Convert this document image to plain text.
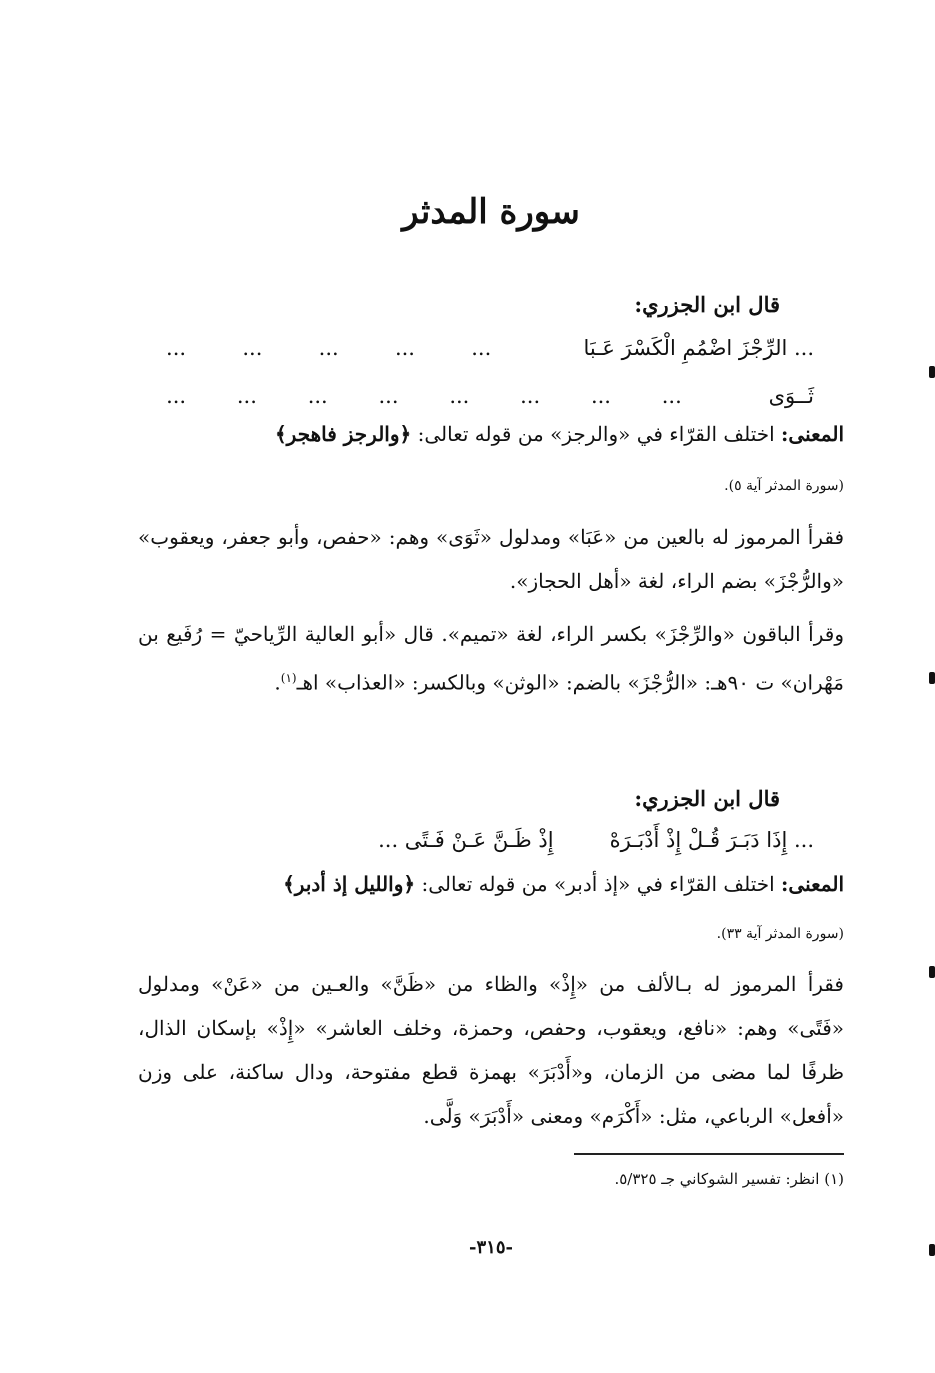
سورة المدثر
قال ابن الجزري:
... الرِّجْزَ اضْمُمِ الْكَسْرَ عَـبَا
...
...
...
...
...
ثَــوَى
...
...
...
...
...
...
...
...

المعنى: اختلف القرّاء في «والرجز» من قوله تعالى: ﴿والرجز فاهجر﴾

(سورة المدثر آية ٥).

فقرأ المرموز له بالعين من «عَبَا» ومدلول «ثَوَى» وهم: «حفص، وأبو جعفر، ويعقوب» «والرُّجْزَ» بضم الراء، لغة «أهل الحجاز».

وقرأ الباقون «والرِّجْزَ» بكسر الراء، لغة «تميم». قال «أبو العالية الرِّياحيّ = رُفَيع بن مَهْران» ت ٩٠هـ: «الرُّجْزَ» بالضم: «الوثن» وبالكسر: «العذاب» اهـ$^{(١)}$.

قال ابن الجزري:
... إِذَا دَبَـرَ قُـلْ إِذْ أَدْبَـرَهْ
إِذْ ظَـنَّ عَـنْ فَـتًى ...

المعنى: اختلف القرّاء في «إذ أدبر» من قوله تعالى: ﴿والليل إذ أدبر﴾

(سورة المدثر آية ٣٣).

فقرأ المرموز له بـالألف من «إِذْ» والظاء من «ظَنَّ» والعـين من «عَنْ» ومدلول «فَتًى» وهم: «نافع، ويعقوب، وحفص، وحمزة، وخلف العاشر» «إِذْ» بإسكان الذال، ظرفًا لما مضى من الزمان، و«أَدْبَرَ» بهمزة قطع مفتوحة، ودال ساكنة، على وزن «أفعل» الرباعي، مثل: «أَكْرَم» ومعنى «أَدْبَرَ» وَلَّى.

(١) انظر: تفسير الشوكاني جـ ٥/٣٢٥.
-٣١٥-
